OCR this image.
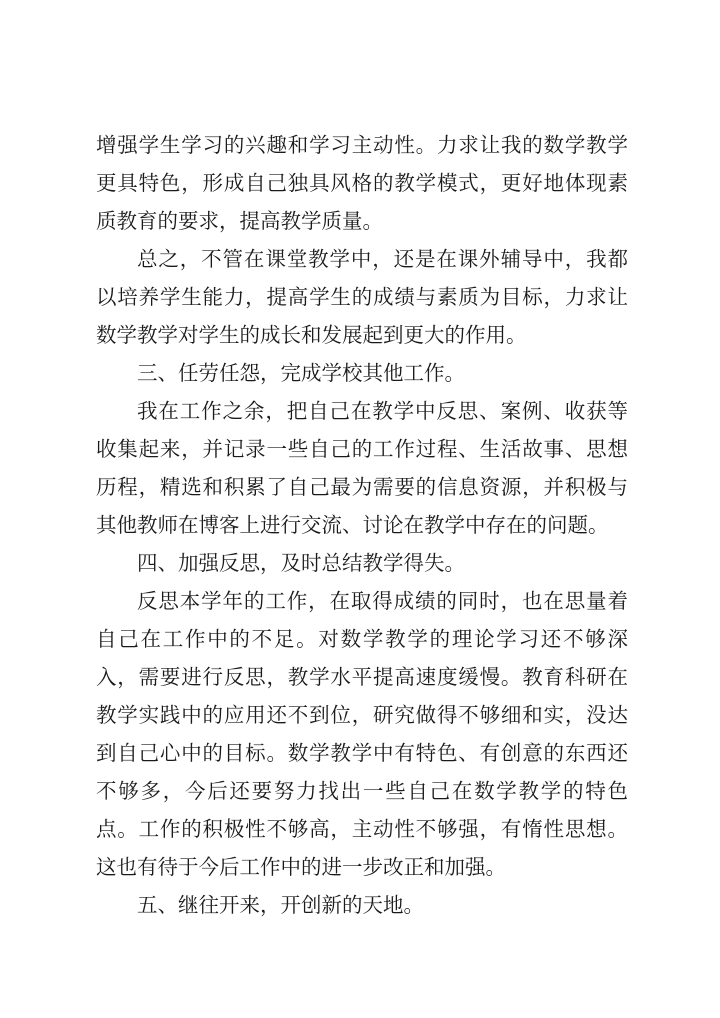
增强学生学习的兴趣和学习主动性。力求让我的数学教学更具特色，形成自己独具风格的教学模式，更好地体现素质教育的要求，提高教学质量。

总之，不管在课堂教学中，还是在课外辅导中，我都以培养学生能力，提高学生的成绩与素质为目标，力求让数学教学对学生的成长和发展起到更大的作用。

三、任劳任怨，完成学校其他工作。

我在工作之余，把自己在教学中反思、案例、收获等收集起来，并记录一些自己的工作过程、生活故事、思想历程，精选和积累了自己最为需要的信息资源，并积极与其他教师在博客上进行交流、讨论在教学中存在的问题。

四、加强反思，及时总结教学得失。

反思本学年的工作，在取得成绩的同时，也在思量着自己在工作中的不足。对数学教学的理论学习还不够深入，需要进行反思，教学水平提高速度缓慢。教育科研在教学实践中的应用还不到位，研究做得不够细和实，没达到自己心中的目标。数学教学中有特色、有创意的东西还不够多，今后还要努力找出一些自己在数学教学的特色点。工作的积极性不够高，主动性不够强，有惰性思想。这也有待于今后工作中的进一步改正和加强。

五、继往开来，开创新的天地。
